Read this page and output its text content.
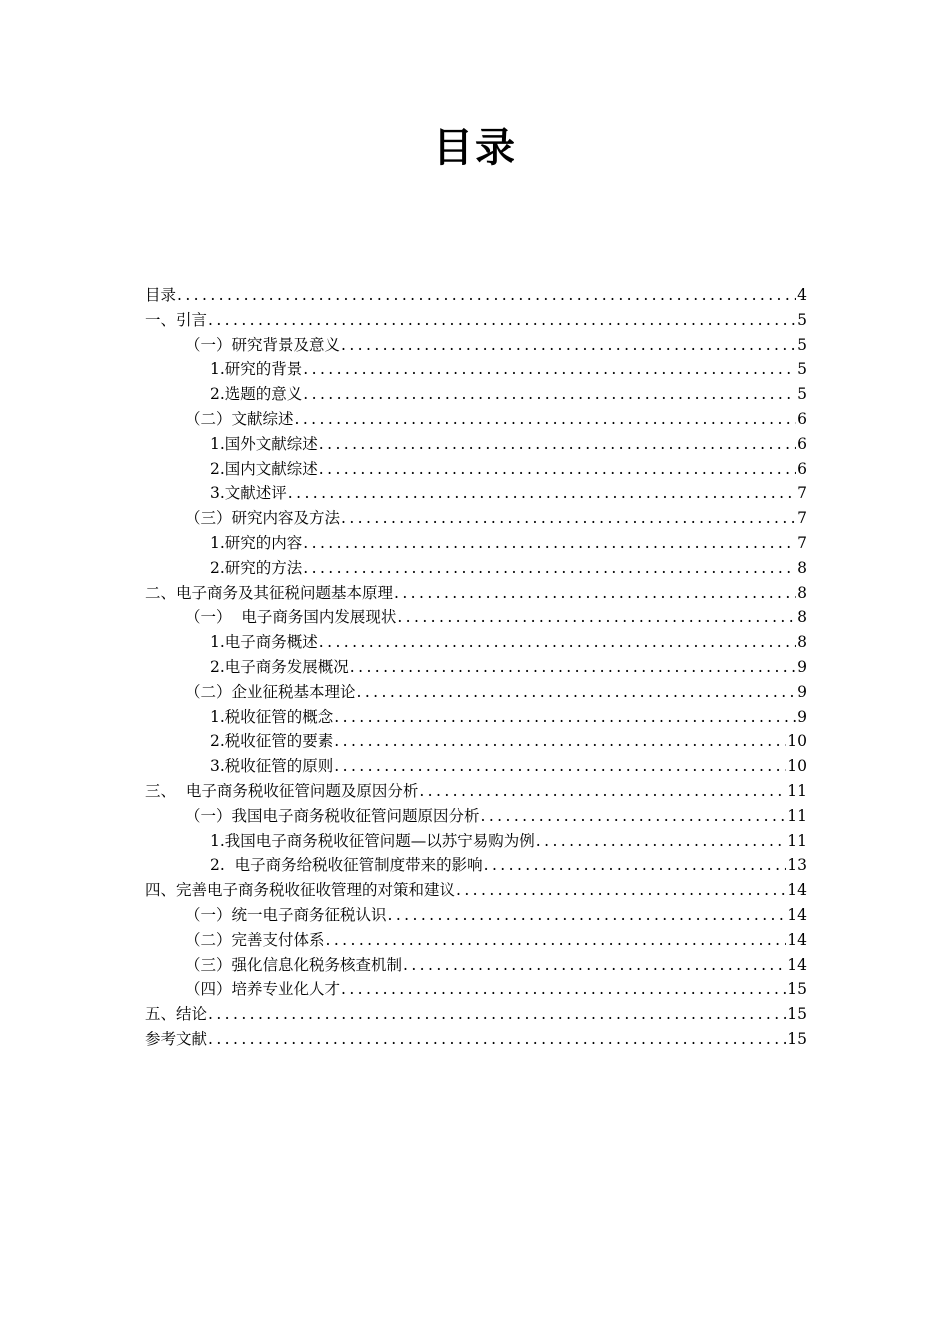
目录
目录 .....	4
一、引言 .....	5
（一）研究背景及意义 .....	5
1.研究的背景 .....	5
2.选题的意义 .....	5
（二）文献综述 .....	6
1.国外文献综述 .....	6
2.国内文献综述 .....	6
3.文献述评 .....	7
（三）研究内容及方法 .....	7
1.研究的内容 .....	7
2.研究的方法 .....	8
二、电子商务及其征税问题基本原理 .....	8
（一）  电子商务国内发展现状 .....	8
1.电子商务概述 .....	8
2.电子商务发展概况 .....	9
（二）企业征税基本理论 .....	9
1.税收征管的概念 .....	9
2.税收征管的要素 .....	10
3.税收征管的原则 .....	10
三、  电子商务税收征管问题及原因分析 .....	11
（一）我国电子商务税收征管问题原因分析 .....	11
1.我国电子商务税收征管问题—以苏宁易购为例 .....	11
2.  电子商务给税收征管制度带来的影响 .....	13
四、完善电子商务税收征收管理的对策和建议 .....	14
（一）统一电子商务征税认识 .....	14
（二）完善支付体系 .....	14
（三）强化信息化税务核查机制 .....	14
（四）培养专业化人才 .....	15
五、结论 .....	15
参考文献 .....	15
